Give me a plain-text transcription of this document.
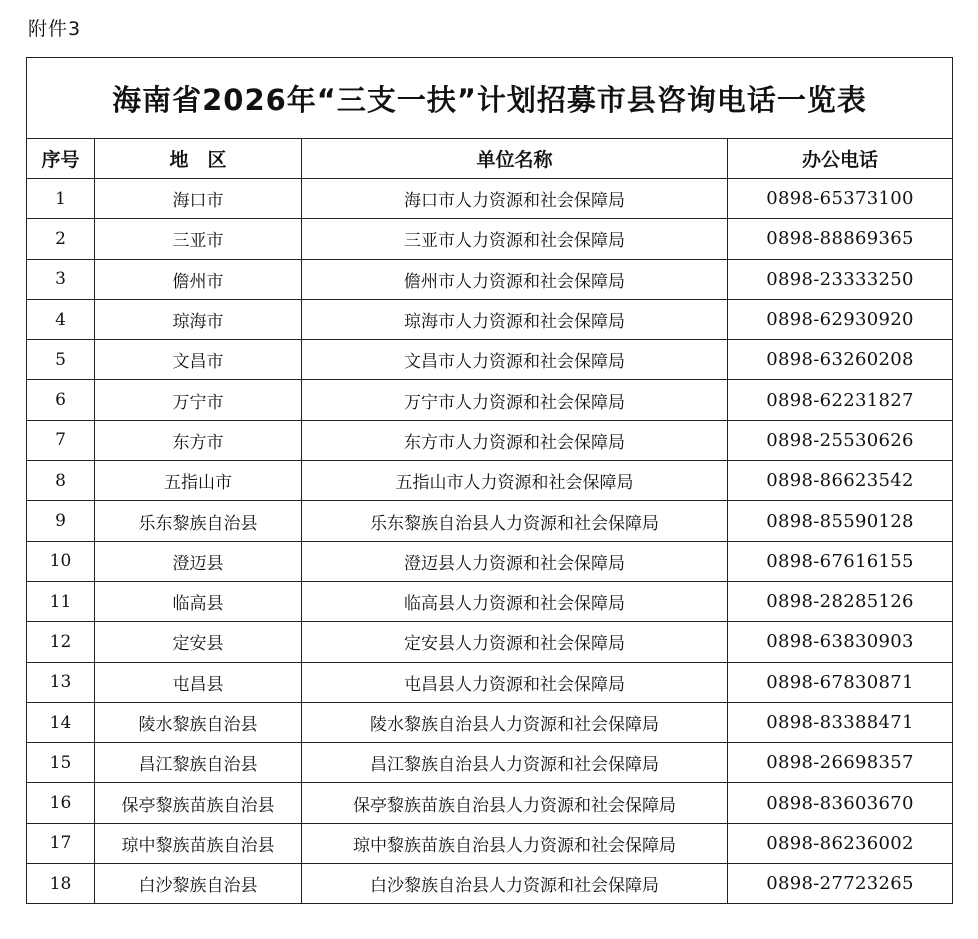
附件3
海南省2026年“三支一扶”计划招募市县咨询电话一览表			
序号	地　区	单位名称	办公电话
1	海口市	海口市人力资源和社会保障局	0898-65373100
2	三亚市	三亚市人力资源和社会保障局	0898-88869365
3	儋州市	儋州市人力资源和社会保障局	0898-23333250
4	琼海市	琼海市人力资源和社会保障局	0898-62930920
5	文昌市	文昌市人力资源和社会保障局	0898-63260208
6	万宁市	万宁市人力资源和社会保障局	0898-62231827
7	东方市	东方市人力资源和社会保障局	0898-25530626
8	五指山市	五指山市人力资源和社会保障局	0898-86623542
9	乐东黎族自治县	乐东黎族自治县人力资源和社会保障局	0898-85590128
10	澄迈县	澄迈县人力资源和社会保障局	0898-67616155
11	临高县	临高县人力资源和社会保障局	0898-28285126
12	定安县	定安县人力资源和社会保障局	0898-63830903
13	屯昌县	屯昌县人力资源和社会保障局	0898-67830871
14	陵水黎族自治县	陵水黎族自治县人力资源和社会保障局	0898-83388471
15	昌江黎族自治县	昌江黎族自治县人力资源和社会保障局	0898-26698357
16	保亭黎族苗族自治县	保亭黎族苗族自治县人力资源和社会保障局	0898-83603670
17	琼中黎族苗族自治县	琼中黎族苗族自治县人力资源和社会保障局	0898-86236002
18	白沙黎族自治县	白沙黎族自治县人力资源和社会保障局	0898-27723265
